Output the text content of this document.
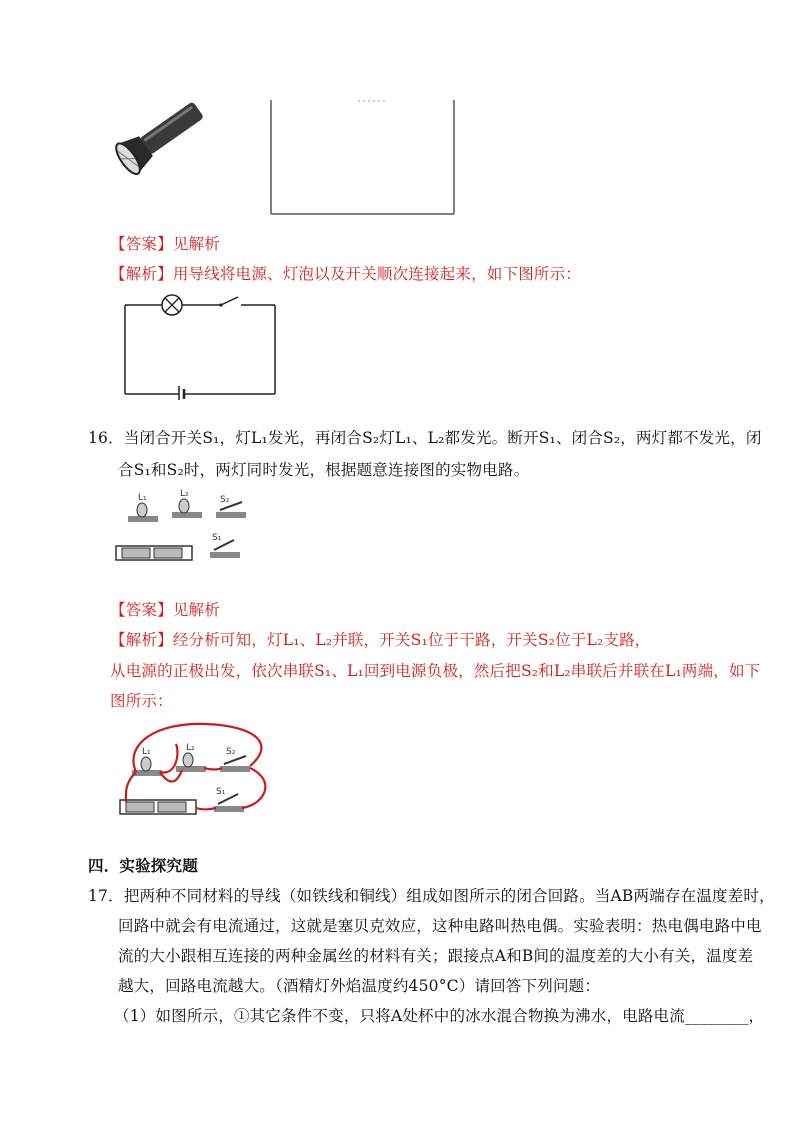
【答案】见解析
【解析】用导线将电源、灯泡以及开关顺次连接起来，如下图所示：
16．当闭合开关S₁，灯L₁发光，再闭合S₂灯L₁、L₂都发光。断开S₁、闭合S₂，两灯都不发光，闭
合S₁和S₂时，两灯同时发光，根据题意连接图的实物电路。
L₁	L₂
S₂
S₁
【答案】见解析
【解析】经分析可知，灯L₁、L₂并联，开关S₁位于干路，开关S₂位于L₂支路，
从电源的正极出发，依次串联S₁、L₁回到电源负极，然后把S₂和L₂串联后并联在L₁两端，如下
图所示：
L₁	L₂	S₂
S₁
四．实验探究题
17．把两种不同材料的导线（如铁线和铜线）组成如图所示的闭合回路。当AB两端存在温度差时，
回路中就会有电流通过，这就是塞贝克效应，这种电路叫热电偶。实验表明：热电偶电路中电
流的大小跟相互连接的两种金属丝的材料有关；跟接点A和B间的温度差的大小有关，温度差
越大，回路电流越大。（酒精灯外焰温度约450°C）请回答下列问题：
（1）如图所示，①其它条件不变，只将A处杯中的冰水混合物换为沸水，电路电流________，
